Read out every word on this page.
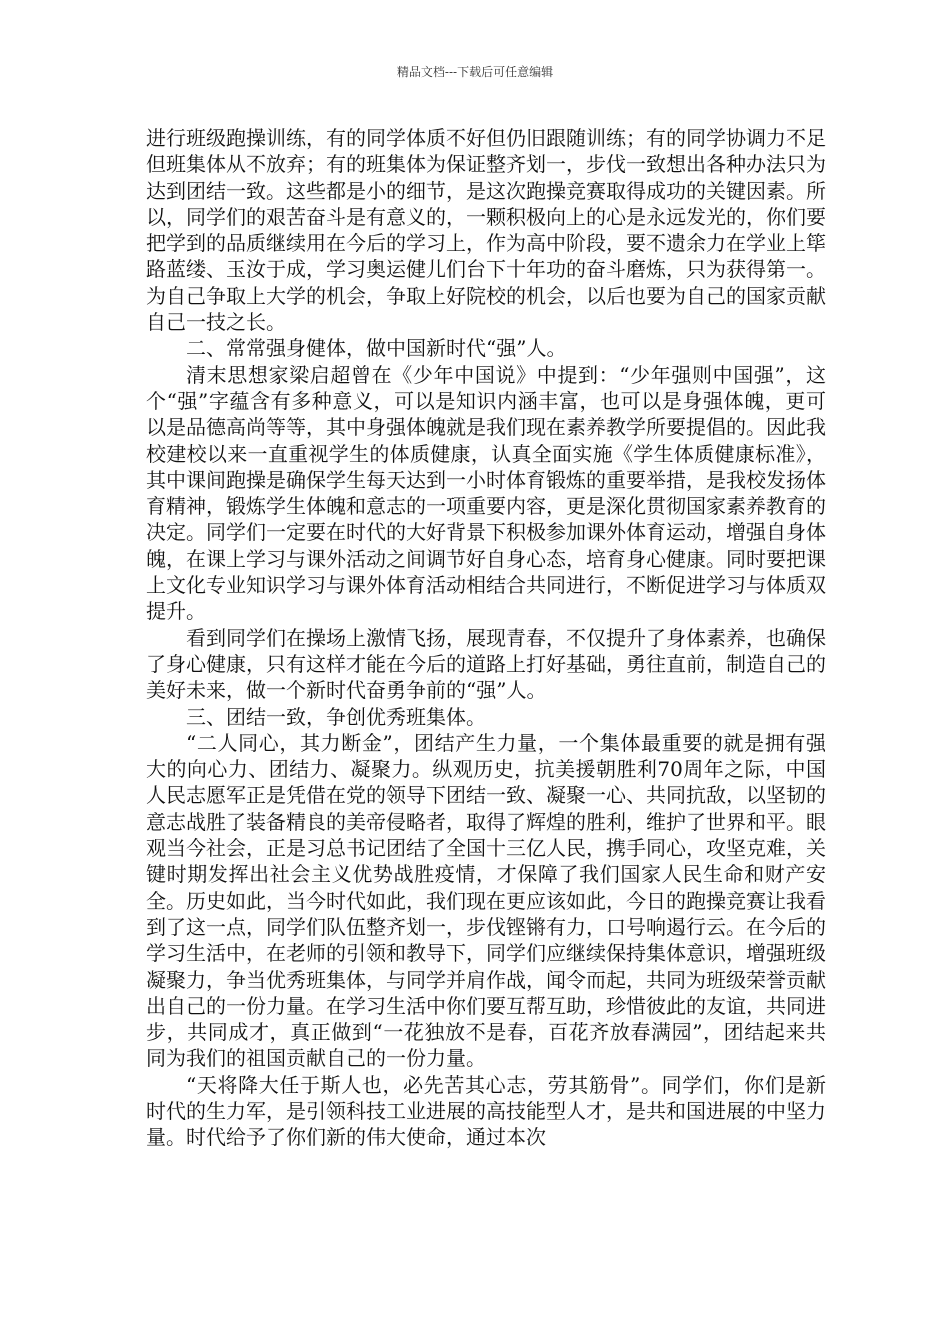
精品文档---下载后可任意编辑

进行班级跑操训练，有的同学体质不好但仍旧跟随训练；有的同学协调力不足但班集体从不放弃；有的班集体为保证整齐划一，步伐一致想出各种办法只为达到团结一致。这些都是小的细节，是这次跑操竞赛取得成功的关键因素。所以，同学们的艰苦奋斗是有意义的，一颗积极向上的心是永远发光的，你们要把学到的品质继续用在今后的学习上，作为高中阶段，要不遗余力在学业上筚路蓝缕、玉汝于成，学习奥运健儿们台下十年功的奋斗磨炼，只为获得第一。为自己争取上大学的机会，争取上好院校的机会，以后也要为自己的国家贡献自己一技之长。

二、常常强身健体，做中国新时代“强”人。

清末思想家梁启超曾在《少年中国说》中提到：“少年强则中国强”，这个“强”字蕴含有多种意义，可以是知识内涵丰富，也可以是身强体魄，更可以是品德高尚等等，其中身强体魄就是我们现在素养教学所要提倡的。因此我校建校以来一直重视学生的体质健康，认真全面实施《学生体质健康标准》，其中课间跑操是确保学生每天达到一小时体育锻炼的重要举措，是我校发扬体育精神，锻炼学生体魄和意志的一项重要内容，更是深化贯彻国家素养教育的决定。同学们一定要在时代的大好背景下积极参加课外体育运动，增强自身体魄，在课上学习与课外活动之间调节好自身心态，培育身心健康。同时要把课上文化专业知识学习与课外体育活动相结合共同进行，不断促进学习与体质双提升。

看到同学们在操场上激情飞扬，展现青春，不仅提升了身体素养，也确保了身心健康，只有这样才能在今后的道路上打好基础，勇往直前，制造自己的美好未来，做一个新时代奋勇争前的“强”人。

三、团结一致，争创优秀班集体。

“二人同心，其力断金”，团结产生力量，一个集体最重要的就是拥有强大的向心力、团结力、凝聚力。纵观历史，抗美援朝胜利70周年之际，中国人民志愿军正是凭借在党的领导下团结一致、凝聚一心、共同抗敌，以坚韧的意志战胜了装备精良的美帝侵略者，取得了辉煌的胜利，维护了世界和平。眼观当今社会，正是习总书记团结了全国十三亿人民，携手同心，攻坚克难，关键时期发挥出社会主义优势战胜疫情，才保障了我们国家人民生命和财产安全。历史如此，当今时代如此，我们现在更应该如此，今日的跑操竞赛让我看到了这一点，同学们队伍整齐划一，步伐铿锵有力，口号响遏行云。在今后的学习生活中，在老师的引领和教导下，同学们应继续保持集体意识，增强班级凝聚力，争当优秀班集体，与同学并肩作战，闻令而起，共同为班级荣誉贡献出自己的一份力量。在学习生活中你们要互帮互助，珍惜彼此的友谊，共同进步，共同成才，真正做到“一花独放不是春，百花齐放春满园”，团结起来共同为我们的祖国贡献自己的一份力量。

“天将降大任于斯人也，必先苦其心志，劳其筋骨”。同学们，你们是新时代的生力军，是引领科技工业进展的高技能型人才，是共和国进展的中坚力量。时代给予了你们新的伟大使命，通过本次
